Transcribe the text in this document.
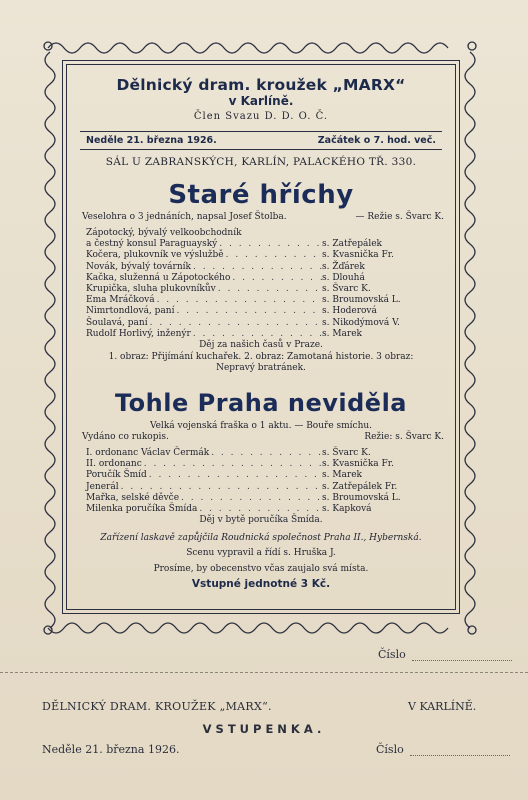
Dělnický dram. kroužek „MARX“

v Karlíně.

Člen Svazu D. D. O. Č.

Neděle 21. března 1926.	Začátek o 7. hod. več.
SÁL U ZABRANSKÝCH, KARLÍN, PALACKÉHO TŘ. 330.
Staré hříchy
Veselohra o 3 jednáních, napsal Josef Štolba.	— Režie s. Švarc K.
Zápotocký, bývalý velkoobchodník
a čestný konsul Paraguayský . . .	s. Zatřepálek
Kočera, plukovník ve výslužbě . . .	s. Kvasnička Fr.
Novák, bývalý továrník . . .	s. Žďárek
Kačka, služenná u Zápotockého . . .	s. Dlouhá
Krupička, sluha plukovníkův . . .	s. Švarc K.
Ema Mráčková . . .	s. Broumovská L.
Nimrtondlová, paní . . .	s. Hoderová
Šoulavá, paní . . .	s. Nikodýmová V.
Rudolf Horlivý, inženýr . . .	s. Marek
Děj za našich časů v Praze.
1. obraz: Přijímání kuchařek. 2. obraz: Zamotaná historie. 3 obraz:
Nepravý bratránek.
Tohle Praha neviděla
Velká vojenská fraška o 1 aktu. — Bouře smíchu.
Vydáno co rukopis.	Režie: s. Švarc K.
I. ordonanc Václav Čermák . . .	s. Švarc K.
II. ordonanc . . .	s. Kvasnička Fr.
Poručík Šmíd . . .	s. Marek
Jenerál . . .	s. Zatřepálek Fr.
Mařka, selské děvče . . .	s. Broumovská L.
Milenka poručíka Šmída . . .	s. Kapková
Děj v bytě poručíka Šmída.
Zařízení laskavě zapůjčila Roudnická společnost Praha II., Hybernská.
Scenu vypravil a řídí s. Hruška J.
Prosíme, by obecenstvo včas zaujalo svá místa.
Vstupné jednotné 3 Kč.
Číslo
DĚLNICKÝ DRAM. KROUŽEK „MARX“.	V KARLÍNĚ.
VSTUPENKA.
Neděle 21. března 1926.	Číslo
